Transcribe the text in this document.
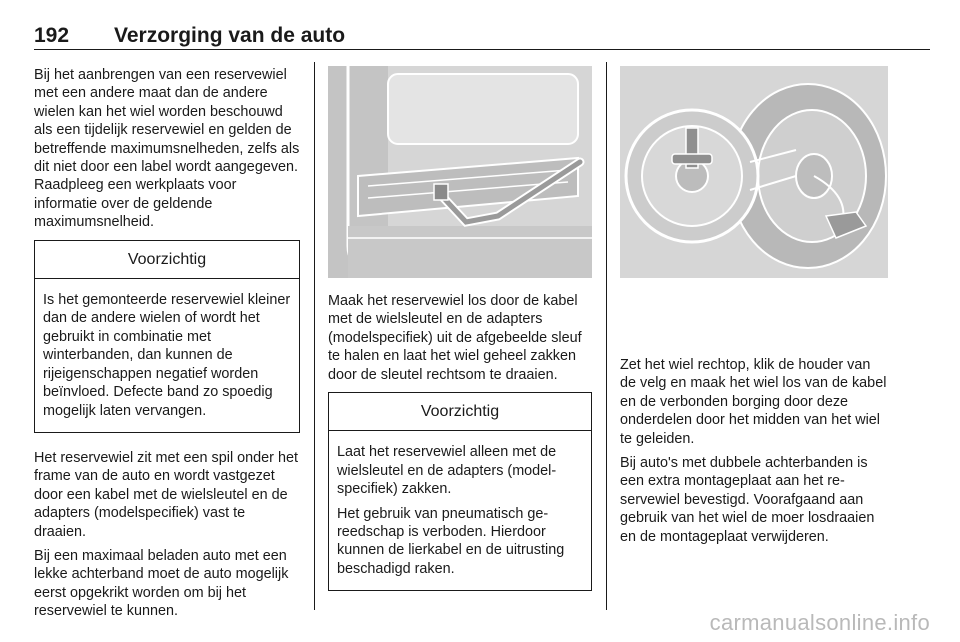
192 Verzorging van de auto

Bij het aanbrengen van een reservewiel met een andere maat dan de andere wielen kan het wiel worden beschouwd als een tijdelijk reservewiel en gelden de betreffende maximumsnelheden, zelfs als dit niet door een label wordt aangegeven. Raadpleeg een werkplaats voor informatie over de geldende maximumsnelheid.

Voorzichtig

Is het gemonteerde reservewiel kleiner dan de andere wielen of wordt het gebruikt in combinatie met winterbanden, dan kunnen de rijeigenschappen negatief worden beïnvloed. Defecte band zo spoedig mogelijk laten vervangen.

Het reservewiel zit met een spil onder het frame van de auto en wordt vastgezet door een kabel met de wielsleutel en de adapters (modelspecifiek) vast te draaien.

Bij een maximaal beladen auto met een lekke achterband moet de auto mogelijk eerst opgekrikt worden om bij het reservewiel te kunnen.

Maak het reservewiel los door de kabel met de wielsleutel en de adapters (modelspecifiek) uit de afgebeelde sleuf te halen en laat het wiel geheel zakken door de sleutel rechtsom te draaien.

Voorzichtig

Laat het reservewiel alleen met de wielsleutel en de adapters (modelspecifiek) zakken.

Het gebruik van pneumatisch gereedschap is verboden. Hierdoor kunnen de lierkabel en de uitrusting beschadigd raken.

Zet het wiel rechtop, klik de houder van de velg en maak het wiel los van de kabel en de verbonden borging door deze onderdelen door het midden van het wiel te geleiden.

Bij auto's met dubbele achterbanden is een extra montageplaat aan het reservewiel bevestigd. Voorafgaand aan gebruik van het wiel de moer losdraaien en de montageplaat verwijderen.

carmanualsonline.info
